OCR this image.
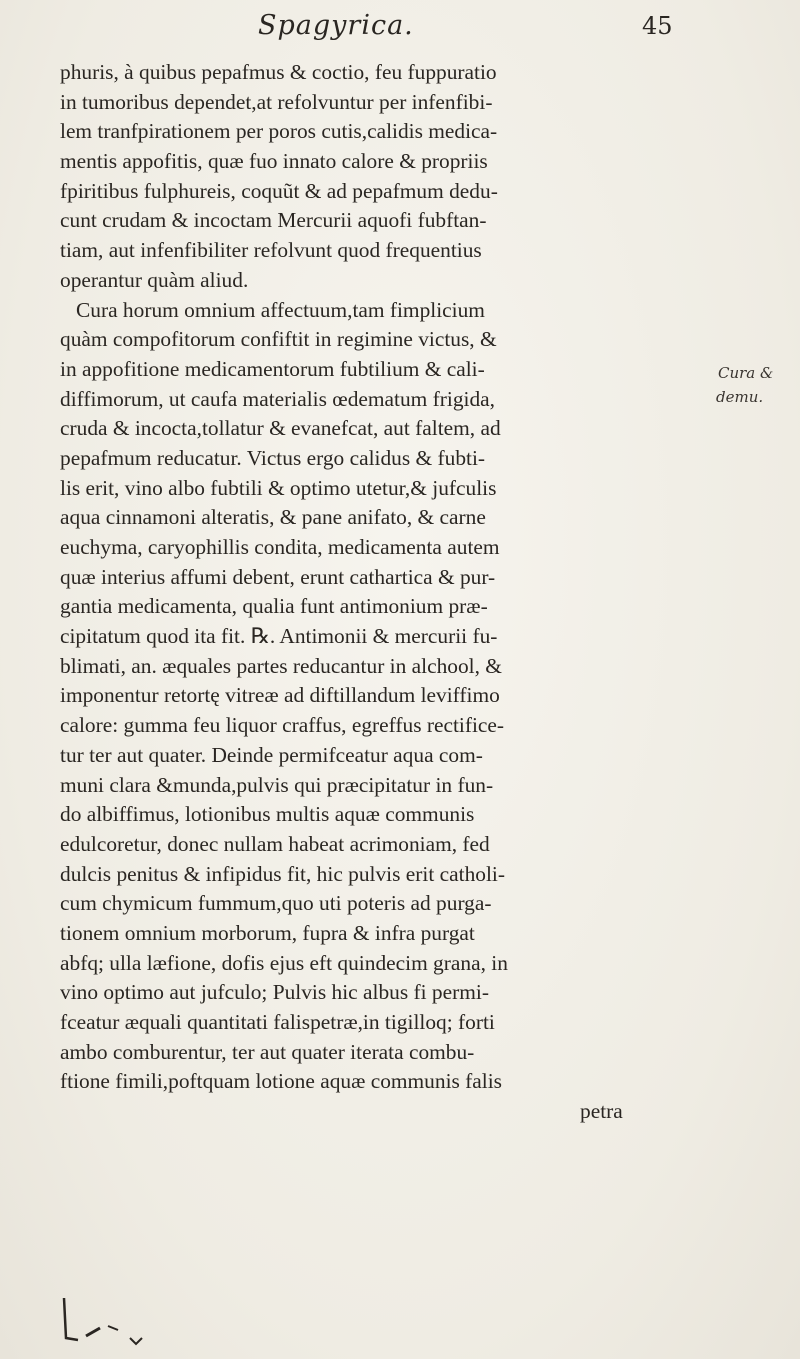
Spagyrica.	45
phuris, à quibus pepafmus & coctio, feu fuppuratio
in tumoribus dependet,at refolvuntur per infenfibi-
lem tranfpirationem per poros cutis,calidis medica-
mentis appofitis, quæ fuo innato calore & propriis
fpiritibus fulphureis, coquũt & ad pepafmum dedu-
cunt crudam & incoctam Mercurii aquofi fubftan-
tiam, aut infenfibiliter refolvunt quod frequentius
operantur quàm aliud.
Cura horum omnium affectuum,tam fimplicium
quàm compofitorum confiftit in regimine victus, &
in appofitione medicamentorum fubtilium & cali-
diffimorum, ut caufa materialis œdematum frigida,
cruda & incocta,tollatur & evanefcat, aut faltem, ad
pepafmum reducatur. Victus ergo calidus & fubti-
lis erit, vino albo fubtili & optimo utetur,& jufculis
aqua cinnamoni alteratis, & pane anifato, & carne
euchyma, caryophillis condita, medicamenta autem
quæ interius affumi debent, erunt cathartica & pur-
gantia medicamenta, qualia funt antimonium præ-
cipitatum quod ita fit. ℞. Antimonii & mercurii fu-
blimati, an. æquales partes reducantur in alchool, &
imponentur retortę vitreæ ad diftillandum leviffimo
calore: gumma feu liquor craffus, egreffus rectifice-
tur ter aut quater. Deinde permifceatur aqua com-
muni clara &munda,pulvis qui præcipitatur in fun-
do albiffimus, lotionibus multis aquæ communis
edulcoretur, donec nullam habeat acrimoniam, fed
dulcis penitus & infipidus fit, hic pulvis erit catholi-
cum chymicum fummum,quo uti poteris ad purga-
tionem omnium morborum, fupra & infra purgat
abfq; ulla læfione, dofis ejus eft quindecim grana, in
vino optimo aut jufculo; Pulvis hic albus fi permi-
fceatur æquali quantitati falispetræ,in tigilloq; forti
ambo comburentur, ter aut quater iterata combu-
ftione fimili,poftquam lotione aquæ communis falis
petra
Cura &
demu.
